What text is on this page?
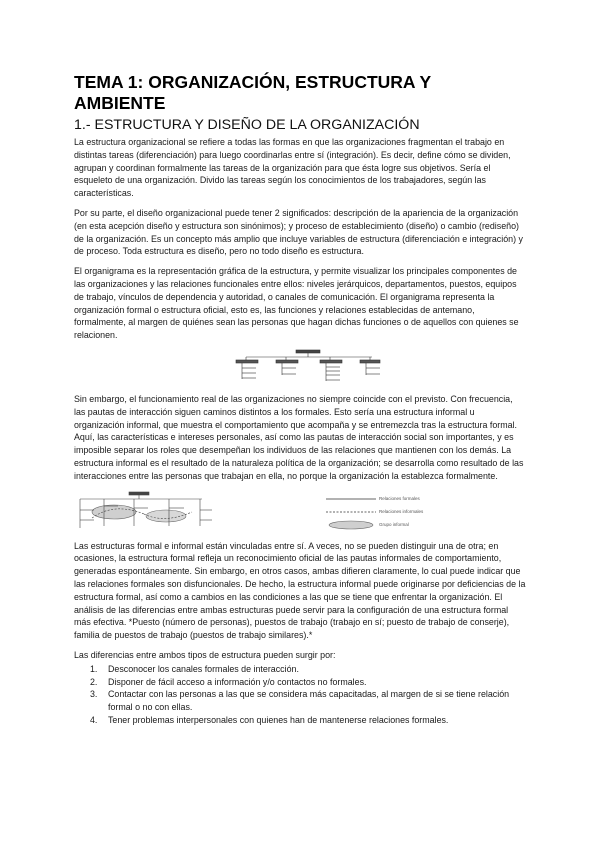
TEMA 1: ORGANIZACIÓN, ESTRUCTURA Y AMBIENTE
1.- ESTRUCTURA Y DISEÑO DE LA ORGANIZACIÓN

La estructura organizacional se refiere a todas las formas en que las organizaciones fragmentan el trabajo en distintas tareas (diferenciación) para luego coordinarlas entre sí (integración). Es decir, define cómo se dividen, agrupan y coordinan formalmente las tareas de la organización para que ésta logre sus objetivos. Sería el esqueleto de una organización. Divido las tareas según los conocimientos de los trabajadores, según las características.

Por su parte, el diseño organizacional puede tener 2 significados: descripción de la apariencia de la organización (en esta acepción diseño y estructura son sinónimos); y proceso de establecimiento (diseño) o cambio (rediseño) de la organización. Es un concepto más amplio que incluye variables de estructura (diferenciación e integración) y de proceso. Toda estructura es diseño, pero no todo diseño es estructura.

El organigrama es la representación gráfica de la estructura, y permite visualizar los principales componentes de las organizaciones y las relaciones funcionales entre ellos: niveles jerárquicos, departamentos, puestos, equipos de trabajo, vínculos de dependencia y autoridad, o canales de comunicación. El organigrama representa la organización formal o estructura oficial, esto es, las funciones y relaciones establecidas de antemano, formalmente, al margen de quiénes sean las personas que hagan dichas funciones o de aquellos con quienes se relacionen.

Sin embargo, el funcionamiento real de las organizaciones no siempre coincide con el previsto. Con frecuencia, las pautas de interacción siguen caminos distintos a los formales. Esto sería una estructura informal u organización informal, que muestra el comportamiento que acompaña y se entremezcla tras la estructura formal. Aquí, las características e intereses personales, así como las pautas de interacción social son importantes, y es imposible separar los roles que desempeñan los individuos de las relaciones que mantienen con los demás. La estructura informal es el resultado de la naturaleza política de la organización; se desarrolla como resultado de las interacciones entre las personas que trabajan en ella, no porque la organización la establezca formalmente.

Relaciones formales
Relaciones informales
Grupo informal

Las estructuras formal e informal están vinculadas entre sí. A veces, no se pueden distinguir una de otra; en ocasiones, la estructura formal refleja un reconocimiento oficial de las pautas informales de comportamiento, generadas espontáneamente. Sin embargo, en otros casos, ambas difieren claramente, lo cual puede indicar que las relaciones formales son disfuncionales. De hecho, la estructura informal puede originarse por deficiencias de la estructura formal, así como a cambios en las condiciones a las que se tiene que enfrentar la organización. El análisis de las diferencias entre ambas estructuras puede servir para la configuración de una estructura formal más efectiva. *Puesto (número de personas), puestos de trabajo (trabajo en sí; puesto de trabajo de conserje), familia de puestos de trabajo (puestos de trabajo similares).*

Las diferencias entre ambos tipos de estructura pueden surgir por:

1. Desconocer los canales formales de interacción.
2. Disponer de fácil acceso a información y/o contactos no formales.
3. Contactar con las personas a las que se considera más capacitadas, al margen de si se tiene relación formal o no con ellas.
4. Tener problemas interpersonales con quienes han de mantenerse relaciones formales.
